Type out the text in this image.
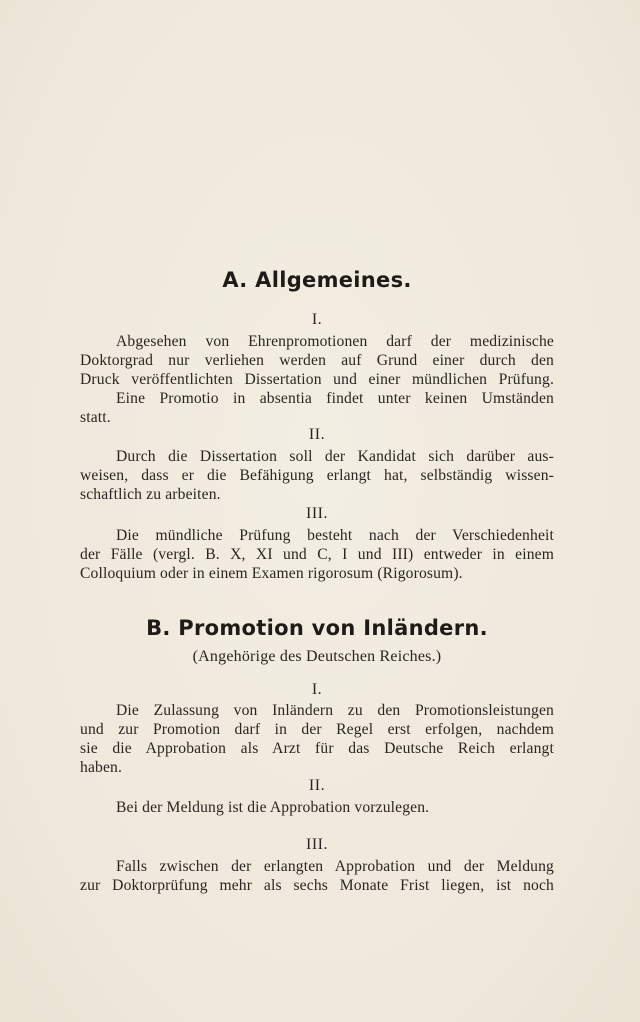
A. Allgemeines.

I.

Abgesehen von Ehrenpromotionen darf der medizinische
Doktorgrad nur verliehen werden auf Grund einer durch den
Druck veröffentlichten Dissertation und einer mündlichen Prüfung.
Eine Promotio in absentia findet unter keinen Umständen
statt.

II.

Durch die Dissertation soll der Kandidat sich darüber aus-
weisen, dass er die Befähigung erlangt hat, selbständig wissen-
schaftlich zu arbeiten.

III.

Die mündliche Prüfung besteht nach der Verschiedenheit
der Fälle (vergl. B. X, XI und C, I und III) entweder in einem
Colloquium oder in einem Examen rigorosum (Rigorosum).
B. Promotion von Inländern.

(Angehörige des Deutschen Reiches.)

I.

Die Zulassung von Inländern zu den Promotionsleistungen
und zur Promotion darf in der Regel erst erfolgen, nachdem
sie die Approbation als Arzt für das Deutsche Reich erlangt
haben.

II.

Bei der Meldung ist die Approbation vorzulegen.

III.

Falls zwischen der erlangten Approbation und der Meldung
zur Doktorprüfung mehr als sechs Monate Frist liegen, ist noch
